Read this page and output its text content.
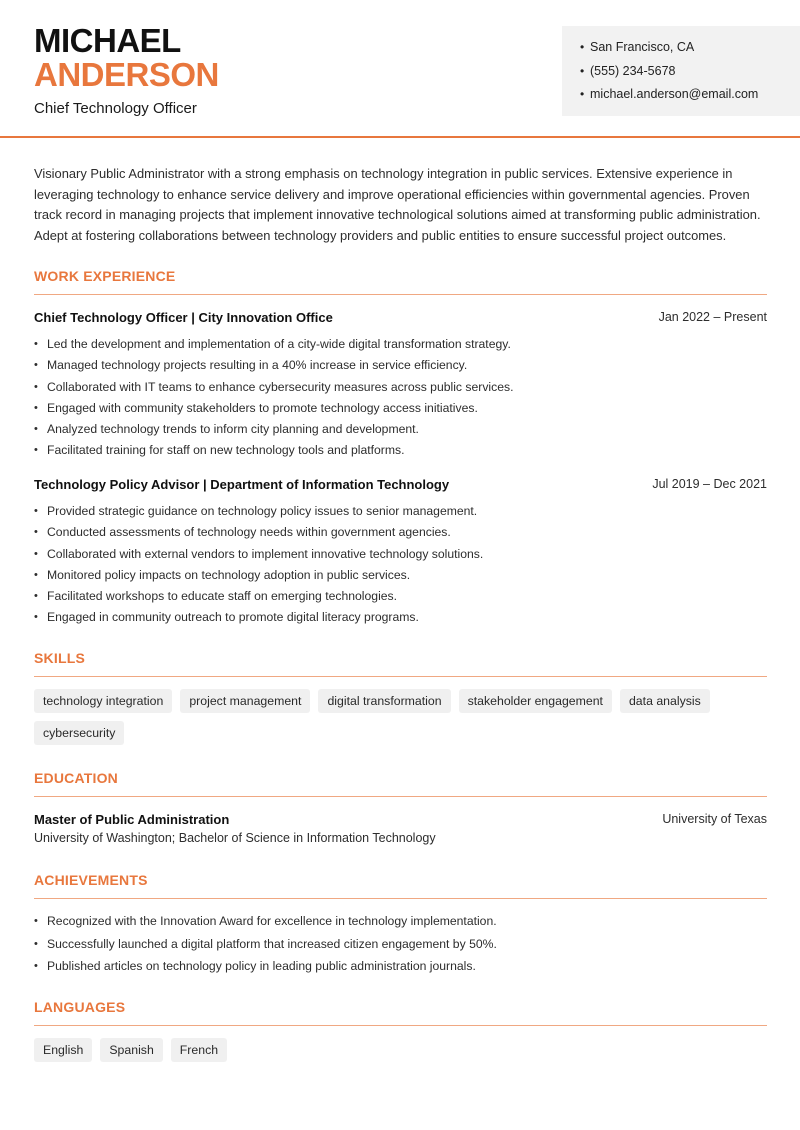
MICHAEL
ANDERSON
Chief Technology Officer
• San Francisco, CA
• (555) 234-5678
• michael.anderson@email.com

Visionary Public Administrator with a strong emphasis on technology integration in public services. Extensive experience in leveraging technology to enhance service delivery and improve operational efficiencies within governmental agencies. Proven track record in managing projects that implement innovative technological solutions aimed at transforming public administration. Adept at fostering collaborations between technology providers and public entities to ensure successful project outcomes.

WORK EXPERIENCE
Chief Technology Officer | City Innovation Office	Jan 2022 – Present
• Led the development and implementation of a city-wide digital transformation strategy.
• Managed technology projects resulting in a 40% increase in service efficiency.
• Collaborated with IT teams to enhance cybersecurity measures across public services.
• Engaged with community stakeholders to promote technology access initiatives.
• Analyzed technology trends to inform city planning and development.
• Facilitated training for staff on new technology tools and platforms.
Technology Policy Advisor | Department of Information Technology	Jul 2019 – Dec 2021
• Provided strategic guidance on technology policy issues to senior management.
• Conducted assessments of technology needs within government agencies.
• Collaborated with external vendors to implement innovative technology solutions.
• Monitored policy impacts on technology adoption in public services.
• Facilitated workshops to educate staff on emerging technologies.
• Engaged in community outreach to promote digital literacy programs.
SKILLS
technology integration	project management	digital transformation	stakeholder engagement	data analysis
cybersecurity
EDUCATION
Master of Public Administration	University of Texas
University of Washington; Bachelor of Science in Information Technology
ACHIEVEMENTS
• Recognized with the Innovation Award for excellence in technology implementation.
• Successfully launched a digital platform that increased citizen engagement by 50%.
• Published articles on technology policy in leading public administration journals.
LANGUAGES
English	Spanish	French
